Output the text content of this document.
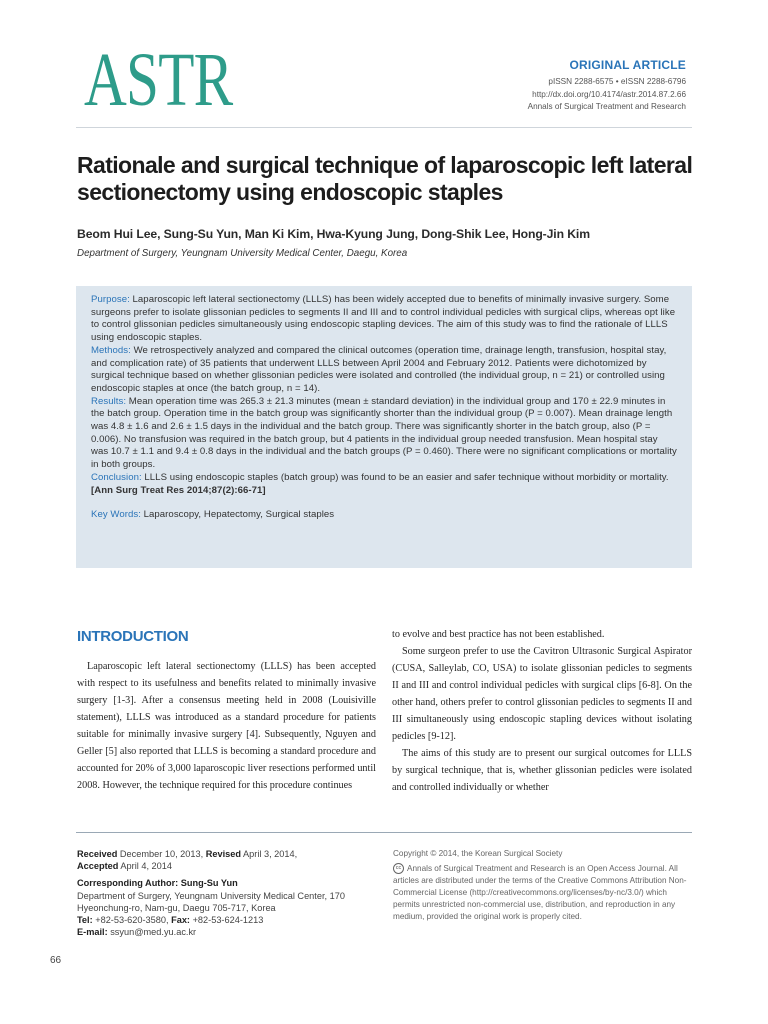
ASTR	ORIGINAL ARTICLE
pISSN 2288-6575 • eISSN 2288-6796
http://dx.doi.org/10.4174/astr.2014.87.2.66
Annals of Surgical Treatment and Research
Rationale and surgical technique of laparoscopic left lateral sectionectomy using endoscopic staples
Beom Hui Lee, Sung-Su Yun, Man Ki Kim, Hwa-Kyung Jung, Dong-Shik Lee, Hong-Jin Kim
Department of Surgery, Yeungnam University Medical Center, Daegu, Korea

Purpose: Laparoscopic left lateral sectionectomy (LLLS) has been widely accepted due to benefits of minimally invasive surgery. Some surgeons prefer to isolate glissonian pedicles to segments II and III and to control individual pedicles with surgical clips, whereas opt like to control glissonian pedicles simultaneously using endoscopic stapling devices. The aim of this study was to find the rationale of LLLS using endoscopic staples.

Methods: We retrospectively analyzed and compared the clinical outcomes (operation time, drainage length, transfusion, hospital stay, and complication rate) of 35 patients that underwent LLLS between April 2004 and February 2012. Patients were dichotomized by surgical technique based on whether glissonian pedicles were isolated and controlled (the individual group, n = 21) or controlled using endoscopic staples at once (the batch group, n = 14).

Results: Mean operation time was 265.3 ± 21.3 minutes (mean ± standard deviation) in the individual group and 170 ± 22.9 minutes in the batch group. Operation time in the batch group was significantly shorter than the individual group (P = 0.007). Mean drainage length was 4.8 ± 1.6 and 2.6 ± 1.5 days in the individual and the batch group. There was significantly shorter in the batch group, also (P = 0.006). No transfusion was required in the batch group, but 4 patients in the individual group needed transfusion. Mean hospital stay was 10.7 ± 1.1 and 9.4 ± 0.8 days in the individual and the batch groups (P = 0.460). There were no significant complications or mortality in both groups.

Conclusion: LLLS using endoscopic staples (batch group) was found to be an easier and safer technique without morbidity or mortality.

[Ann Surg Treat Res 2014;87(2):66-71]

Key Words: Laparoscopy, Hepatectomy, Surgical staples

INTRODUCTION

Laparoscopic left lateral sectionectomy (LLLS) has been accepted with respect to its usefulness and benefits related to minimally invasive surgery [1-3]. After a consensus meeting held in 2008 (Louisiville statement), LLLS was introduced as a standard procedure for patients suitable for minimally invasive surgery [4]. Subsequently, Nguyen and Geller [5] also reported that LLLS is becoming a standard procedure and accounted for 20% of 3,000 laparoscopic liver resections performed until 2008. However, the technique required for this procedure continues

to evolve and best practice has not been established.

Some surgeon prefer to use the Cavitron Ultrasonic Surgical Aspirator (CUSA, Salleylab, CO, USA) to isolate glissonian pedicles to segments II and III and control individual pedicles with surgical clips [6-8]. On the other hand, others prefer to control glissonian pedicles to segments II and III simultaneously using endoscopic stapling devices without isolating pedicles [9-12].

The aims of this study are to present our surgical outcomes for LLLS by surgical technique, that is, whether glissonian pedicles were isolated and controlled individually or whether

Received December 10, 2013, Revised April 3, 2014,
Accepted April 4, 2014
Corresponding Author: Sung-Su Yun
Department of Surgery, Yeungnam University Medical Center, 170
Hyeonchung-ro, Nam-gu, Daegu 705-717, Korea
Tel: +82-53-620-3580, Fax: +82-53-624-1213
E-mail: ssyun@med.yu.ac.kr
Copyright © 2014, the Korean Surgical Society
cc Annals of Surgical Treatment and Research is an Open Access Journal. All articles are distributed under the terms of the Creative Commons Attribution Non-Commercial License (http://creativecommons.org/licenses/by-nc/3.0/) which permits unrestricted non-commercial use, distribution, and reproduction in any medium, provided the original work is properly cited.
66
